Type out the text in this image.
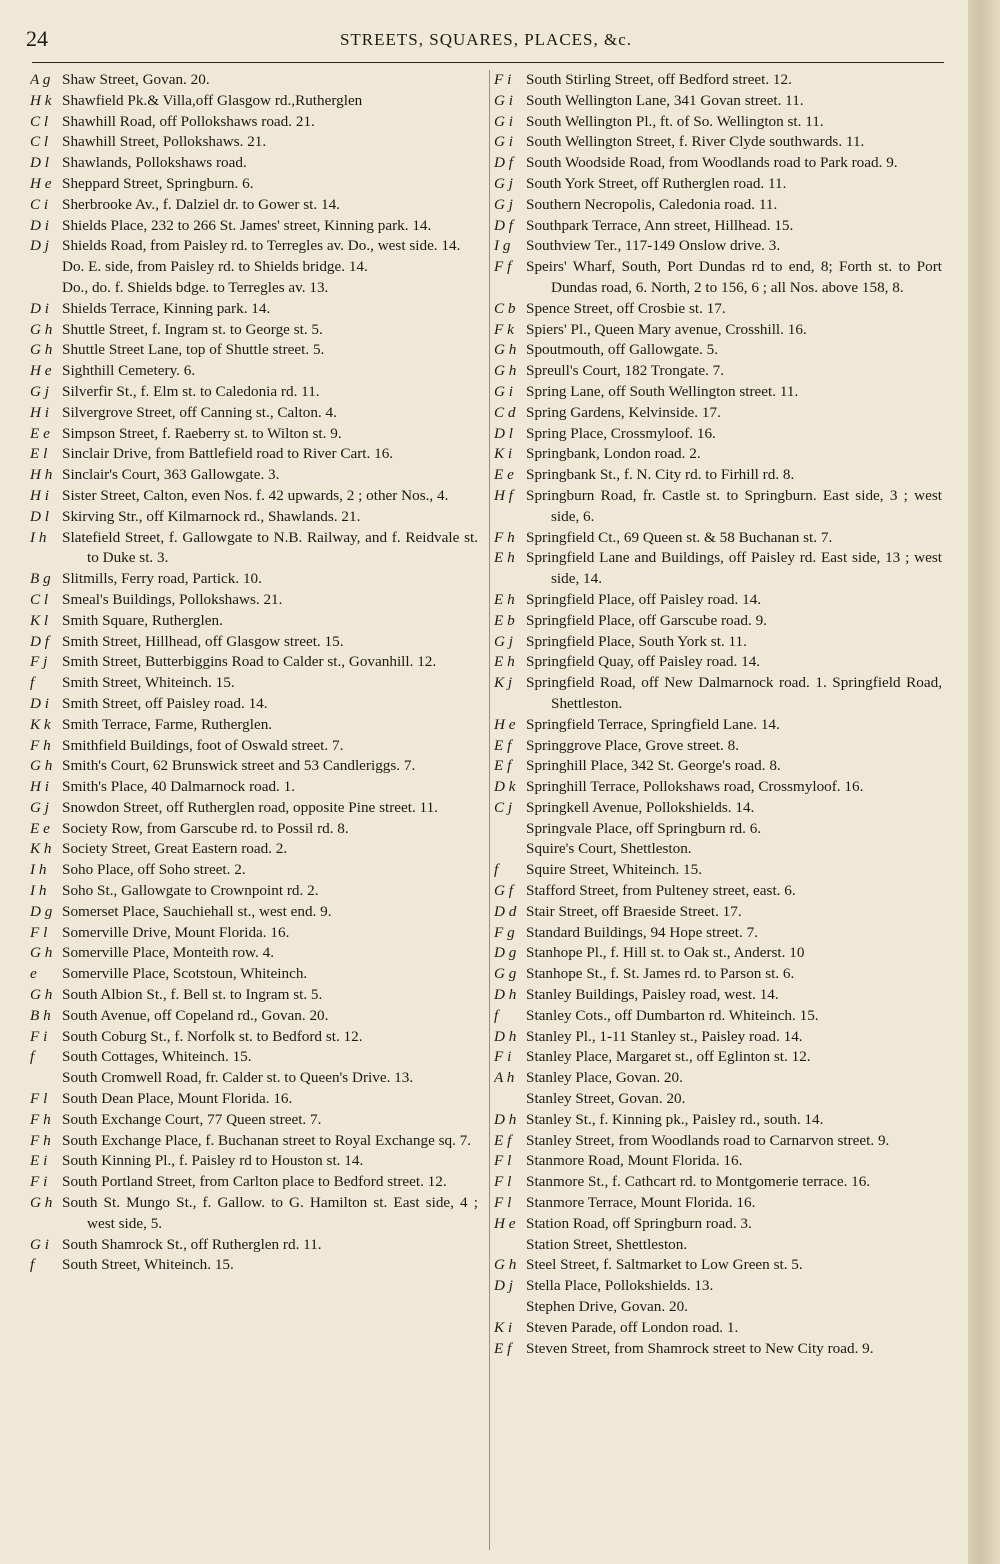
24	STREETS, SQUARES, PLACES, &c.
A g Shaw Street, Govan. 20.
H k Shawfield Pk.& Villa,off Glasgow rd.,Rutherglen
C l Shawhill Road, off Pollokshaws road. 21.
C l Shawhill Street, Pollokshaws. 21.
D l Shawlands, Pollokshaws road.
H e Sheppard Street, Springburn. 6.
C i Sherbrooke Av., f. Dalziel dr. to Gower st. 14.
D i Shields Place, 232 to 266 St. James' street, Kinning park. 14.
D j Shields Road, from Paisley rd. to Terregles av. Do., west side. 14.
Do. E. side, from Paisley rd. to Shields bridge. 14.
Do., do. f. Shields bdge. to Terregles av. 13.
D i Shields Terrace, Kinning park. 14.
G h Shuttle Street, f. Ingram st. to George st. 5.
G h Shuttle Street Lane, top of Shuttle street. 5.
H e Sighthill Cemetery. 6.
G j Silverfir St., f. Elm st. to Caledonia rd. 11.
H i Silvergrove Street, off Canning st., Calton. 4.
E e Simpson Street, f. Raeberry st. to Wilton st. 9.
E l Sinclair Drive, from Battlefield road to River Cart. 16.
H h Sinclair's Court, 363 Gallowgate. 3.
H i Sister Street, Calton, even Nos. f. 42 upwards, 2 ; other Nos., 4.
D l Skirving Str., off Kilmarnock rd., Shawlands. 21.
I h	Slatefield Street, f. Gallowgate to N.B. Railway, and f. Reidvale st. to Duke st. 3.
B g Slitmills, Ferry road, Partick. 10.
C l Smeal's Buildings, Pollokshaws. 21.
K l Smith Square, Rutherglen.
D f Smith Street, Hillhead, off Glasgow street. 15.
F j Smith Street, Butterbiggins Road to Calder st., Govanhill. 12.
f	Smith Street, Whiteinch. 15.
D i Smith Street, off Paisley road. 14.
K k Smith Terrace, Farme, Rutherglen.
F h Smithfield Buildings, foot of Oswald street. 7.
G h Smith's Court, 62 Brunswick street and 53 Candleriggs. 7.
H i Smith's Place, 40 Dalmarnock road. 1.
G j Snowdon Street, off Rutherglen road, opposite Pine street. 11.
E e Society Row, from Garscube rd. to Possil rd. 8.
K h Society Street, Great Eastern road. 2.
I h	Soho Place, off Soho street. 2.
I h	Soho St., Gallowgate to Crownpoint rd. 2.
D g Somerset Place, Sauchiehall st., west end. 9.
F l Somerville Drive, Mount Florida. 16.
G h Somerville Place, Monteith row. 4.
e	Somerville Place, Scotstoun, Whiteinch.
G h South Albion St., f. Bell st. to Ingram st. 5.
B h South Avenue, off Copeland rd., Govan. 20.
F i South Coburg St., f. Norfolk st. to Bedford st. 12.
f	South Cottages, Whiteinch. 15.
South Cromwell Road, fr. Calder st. to Queen's Drive. 13.
F l South Dean Place, Mount Florida. 16.
F h South Exchange Court, 77 Queen street. 7.
F h South Exchange Place, f. Buchanan street to Royal Exchange sq. 7.
E i South Kinning Pl., f. Paisley rd to Houston st. 14.
F i South Portland Street, from Carlton place to Bedford street. 12.
G h South St. Mungo St., f. Gallow. to G. Hamilton st. East side, 4 ; west side, 5.
G i South Shamrock St., off Rutherglen rd. 11.
f	South Street, Whiteinch. 15.
F i South Stirling Street, off Bedford street. 12.
G i South Wellington Lane, 341 Govan street. 11.
G i South Wellington Pl., ft. of So. Wellington st. 11.
G i South Wellington Street, f. River Clyde southwards. 11.
D f South Woodside Road, from Woodlands road to Park road. 9.
G j South York Street, off Rutherglen road. 11.
G j Southern Necropolis, Caledonia road. 11.
D f Southpark Terrace, Ann street, Hillhead. 15.
I g	Southview Ter., 117-149 Onslow drive. 3.
F f Speirs' Wharf, South, Port Dundas rd to end, 8; Forth st. to Port Dundas road, 6. North, 2 to 156, 6 ; all Nos. above 158, 8.
C b Spence Street, off Crosbie st. 17.
F k Spiers' Pl., Queen Mary avenue, Crosshill. 16.
G h Spoutmouth, off Gallowgate. 5.
G h Spreull's Court, 182 Trongate. 7.
G i Spring Lane, off South Wellington street. 11.
C d Spring Gardens, Kelvinside. 17.
D l Spring Place, Crossmyloof. 16.
K i Springbank, London road. 2.
E e Springbank St., f. N. City rd. to Firhill rd. 8.
H f Springburn Road, fr. Castle st. to Springburn. East side, 3 ; west side, 6.
F h Springfield Ct., 69 Queen st. & 58 Buchanan st. 7.
E h Springfield Lane and Buildings, off Paisley rd. East side, 13 ; west side, 14.
E h Springfield Place, off Paisley road. 14.
E b Springfield Place, off Garscube road. 9.
G j Springfield Place, South York st. 11.
E h Springfield Quay, off Paisley road. 14.
K j Springfield Road, off New Dalmarnock road. 1. Springfield Road, Shettleston.
H e Springfield Terrace, Springfield Lane. 14.
E f Springgrove Place, Grove street. 8.
E f Springhill Place, 342 St. George's road. 8.
D k Springhill Terrace, Pollokshaws road, Crossmyloof. 16.
C j Springkell Avenue, Pollokshields. 14.
Springvale Place, off Springburn rd. 6.
Squire's Court, Shettleston.
f	Squire Street, Whiteinch. 15.
G f Stafford Street, from Pulteney street, east. 6.
D d Stair Street, off Braeside Street. 17.
F g Standard Buildings, 94 Hope street. 7.
D g Stanhope Pl., f. Hill st. to Oak st., Anderst. 10
G g Stanhope St., f. St. James rd. to Parson st. 6.
D h Stanley Buildings, Paisley road, west. 14.
f	Stanley Cots., off Dumbarton rd. Whiteinch. 15.
D h Stanley Pl., 1-11 Stanley st., Paisley road. 14.
F i Stanley Place, Margaret st., off Eglinton st. 12.
A h Stanley Place, Govan. 20.
Stanley Street, Govan. 20.
D h Stanley St., f. Kinning pk., Paisley rd., south. 14.
E f Stanley Street, from Woodlands road to Carnarvon street. 9.
F l Stanmore Road, Mount Florida. 16.
F l Stanmore St., f. Cathcart rd. to Montgomerie terrace. 16.
F l Stanmore Terrace, Mount Florida. 16.
H e Station Road, off Springburn road. 3.
Station Street, Shettleston.
G h Steel Street, f. Saltmarket to Low Green st. 5.
D j Stella Place, Pollokshields. 13.
Stephen Drive, Govan. 20.
K i Steven Parade, off London road. 1.
E f Steven Street, from Shamrock street to New City road. 9.
